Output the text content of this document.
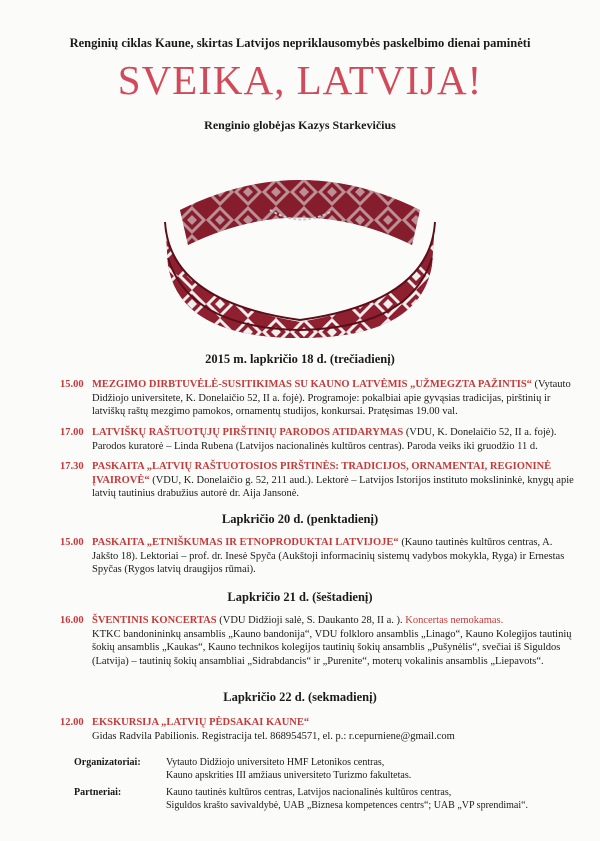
Renginių ciklas Kaune, skirtas Latvijos nepriklausomybės paskelbimo dienai paminėti
SVEIKA, LATVIJA!
Renginio globėjas Kazys Starkevičius
2015 m. lapkričio 18 d. (trečiadienį)
15.00 MEZGIMO DIRBTUVĖLĖ-SUSITIKIMAS SU KAUNO LATVĖMIS „UŽMEGZTA PAŽINTIS“ (Vytauto Didžiojo universitete, K. Donelaičio 52, II a. fojė). Programoje: pokalbiai apie gyvąsias tradicijas, pirštinių ir latviškų raštų mezgimo pamokos, ornamentų studijos, konkursai. Pratęsimas 19.00 val.
17.00 LATVIŠKŲ RAŠTUOTŲJŲ PIRŠTINIŲ PARODOS ATIDARYMAS (VDU, K. Donelaičio 52, II a. fojė). Parodos kuratorė – Linda Rubena (Latvijos nacionalinės kultūros centras). Paroda veiks iki gruodžio 11 d.
17.30 PASKAITA „LATVIŲ RAŠTUOTOSIOS PIRŠTINĖS: TRADICIJOS, ORNAMENTAI, REGIONINĖ ĮVAIROVĖ“ (VDU, K. Donelaičio g. 52, 211 aud.). Lektorė – Latvijos Istorijos instituto mokslininkė, knygų apie latvių tautinius drabužius autorė dr. Aija Jansonė.
Lapkričio 20 d. (penktadienį)
15.00 PASKAITA „ETNIŠKUMAS IR ETNOPRODUKTAI LATVIJOJE“ (Kauno tautinės kultūros centras, A. Jakšto 18). Lektoriai – prof. dr. Inesė Spyča (Aukštoji informacinių sistemų vadybos mokykla, Ryga) ir Ernestas Spyčas (Rygos latvių draugijos rūmai).
Lapkričio 21 d. (šeštadienį)
16.00 ŠVENTINIS KONCERTAS (VDU Didžioji salė, S. Daukanto 28, II a. ). Koncertas nemokamas.
KTKC bandonininkų ansamblis „Kauno bandonija“, VDU folkloro ansamblis „Linago“, Kauno Kolegijos tautinių šokių ansamblis „Kaukas“, Kauno technikos kolegijos tautinių šokių ansamblis „Pušynėlis“, svečiai iš Siguldos (Latvija) – tautinių šokių ansambliai „Sidrabdancis“ ir „Purenite“, moterų vokalinis ansamblis „Liepavots“.
Lapkričio 22 d. (sekmadienį)
12.00 EKSKURSIJA „LATVIŲ PĖDSAKAI KAUNE“
Gidas Radvila Pabilionis. Registracija tel. 868954571, el. p.: r.cepurniene@gmail.com
Organizatoriai:	Vytauto Didžiojo universiteto HMF Letonikos centras,
Kauno apskrities III amžiaus universiteto Turizmo fakultetas.
Partneriai:	Kauno tautinės kultūros centras, Latvijos nacionalinės kultūros centras,
Siguldos krašto savivaldybė, UAB „Biznesa kompetences centrs“; UAB „VP sprendimai“.
